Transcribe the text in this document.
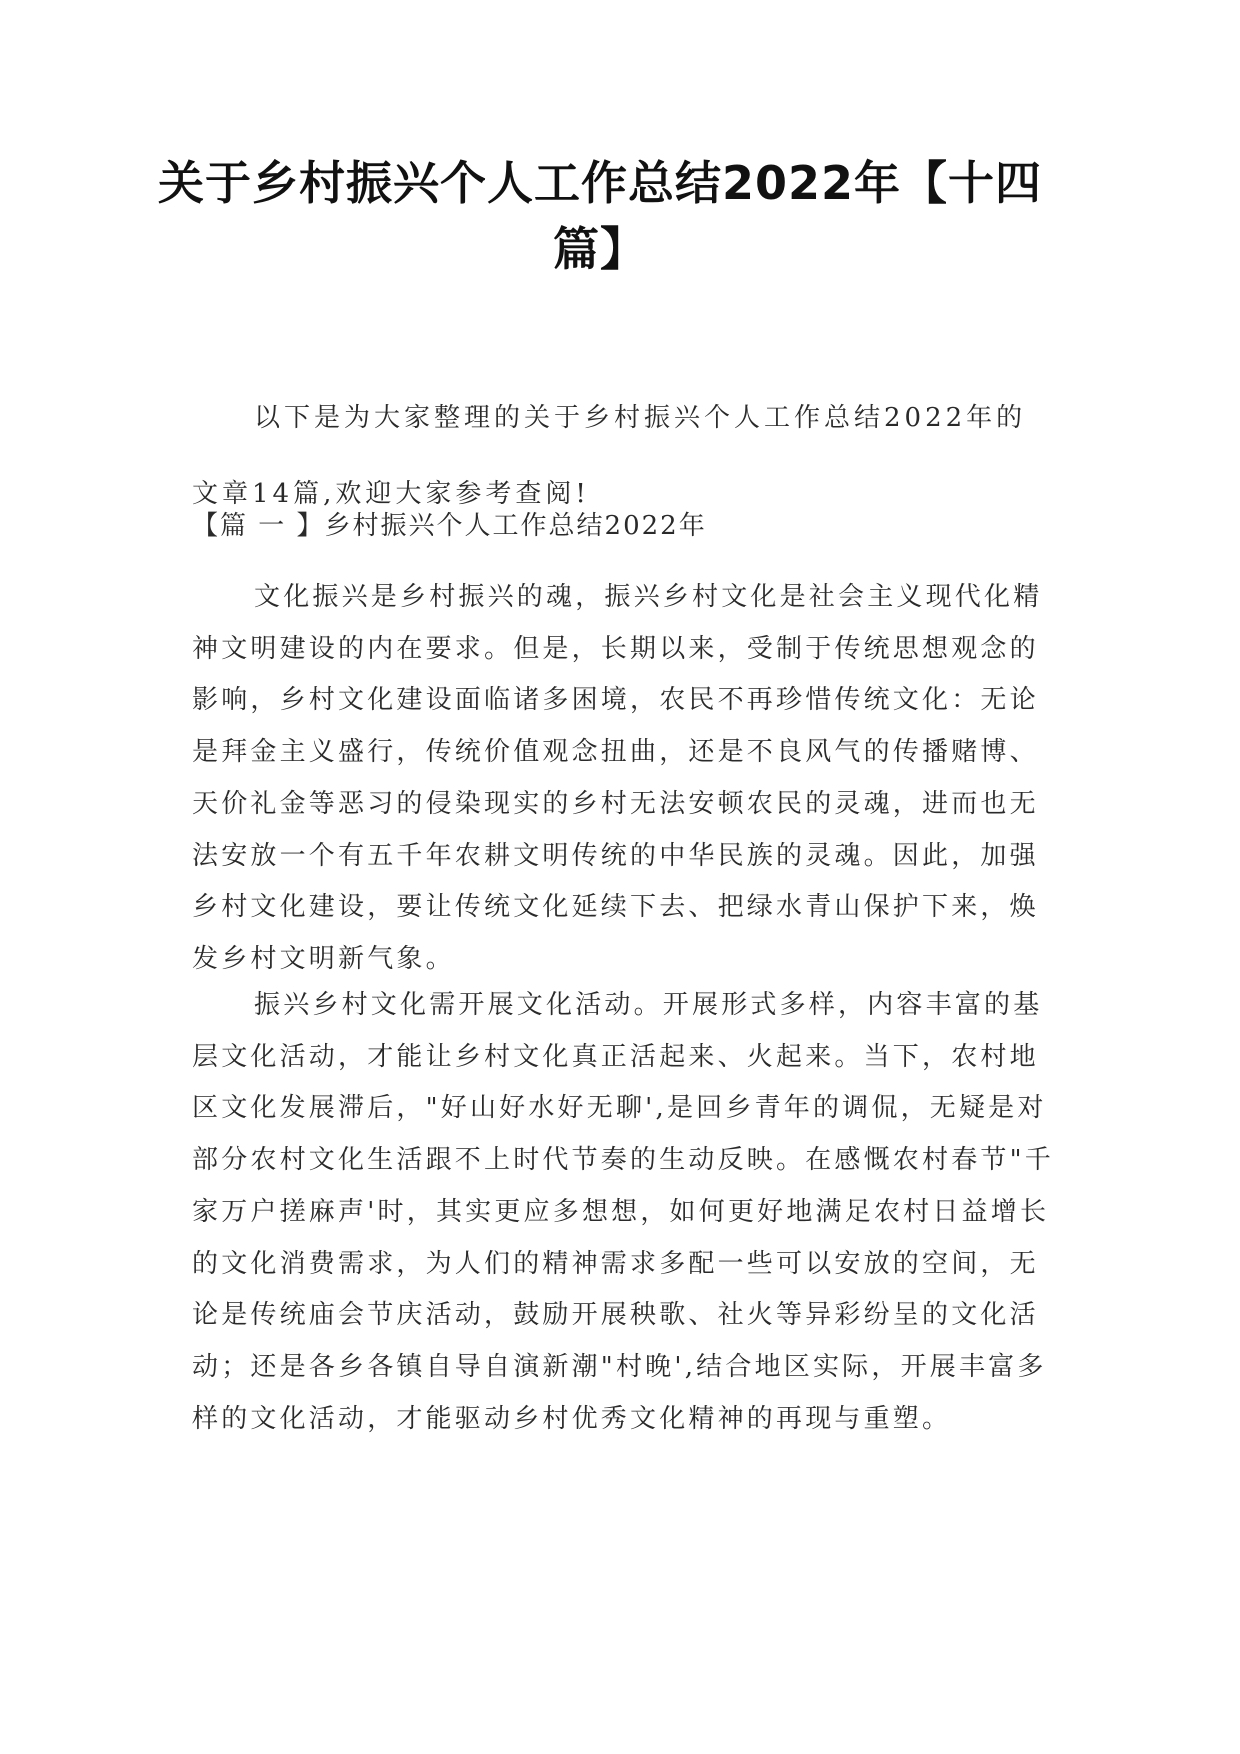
关于乡村振兴个人工作总结2022年【十四篇】

以下是为大家整理的关于乡村振兴个人工作总结2022年的文章14篇,欢迎大家参考查阅!

【篇 一 】乡村振兴个人工作总结2022年

文化振兴是乡村振兴的魂，振兴乡村文化是社会主义现代化精神文明建设的内在要求。但是，长期以来，受制于传统思想观念的影响，乡村文化建设面临诸多困境，农民不再珍惜传统文化：无论是拜金主义盛行，传统价值观念扭曲，还是不良风气的传播赌博、天价礼金等恶习的侵染现实的乡村无法安顿农民的灵魂，进而也无法安放一个有五千年农耕文明传统的中华民族的灵魂。因此，加强乡村文化建设，要让传统文化延续下去、把绿水青山保护下来，焕发乡村文明新气象。

振兴乡村文化需开展文化活动。开展形式多样，内容丰富的基层文化活动，才能让乡村文化真正活起来、火起来。当下，农村地区文化发展滞后，"好山好水好无聊',是回乡青年的调侃，无疑是对部分农村文化生活跟不上时代节奏的生动反映。在感慨农村春节"千家万户搓麻声'时，其实更应多想想，如何更好地满足农村日益增长的文化消费需求，为人们的精神需求多配一些可以安放的空间，无论是传统庙会节庆活动，鼓励开展秧歌、社火等异彩纷呈的文化活动；还是各乡各镇自导自演新潮"村晚',结合地区实际，开展丰富多样的文化活动，才能驱动乡村优秀文化精神的再现与重塑。
